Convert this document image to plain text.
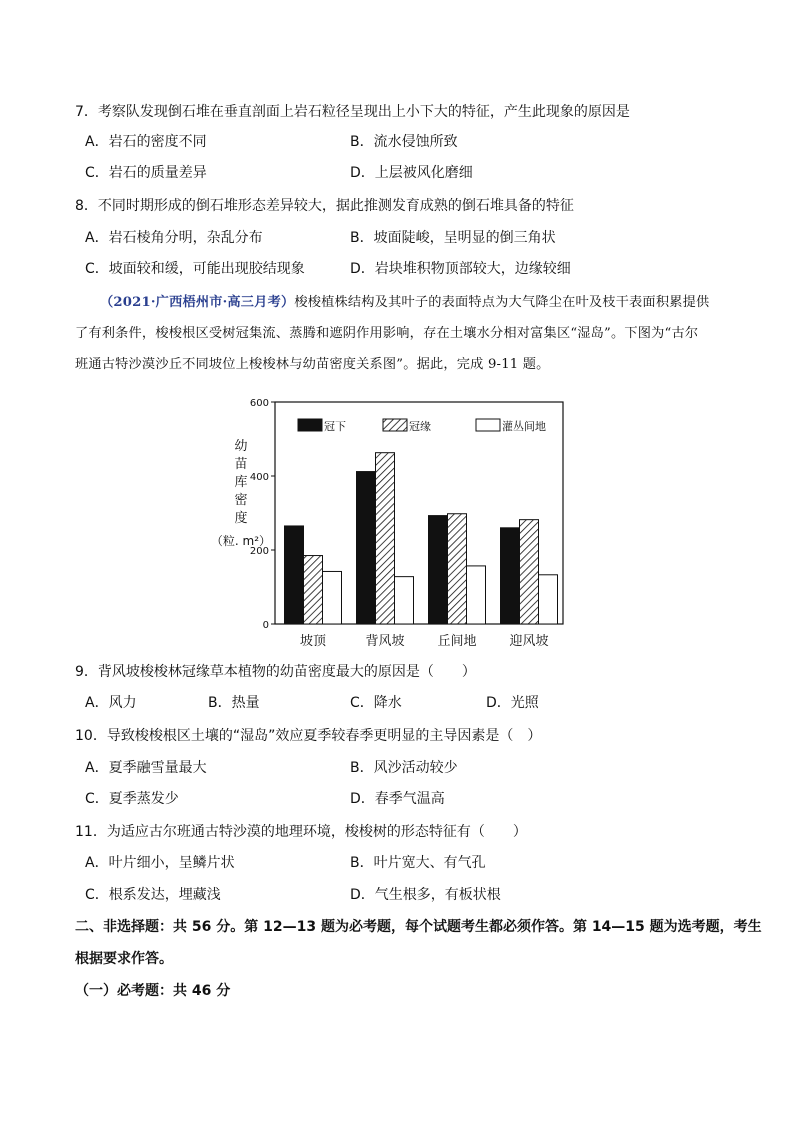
7．考察队发现倒石堆在垂直剖面上岩石粒径呈现出上小下大的特征，产生此现象的原因是
A．岩石的密度不同	B．流水侵蚀所致
C．岩石的质量差异	D．上层被风化磨细
8．不同时期形成的倒石堆形态差异较大，据此推测发育成熟的倒石堆具备的特征
A．岩石棱角分明，杂乱分布	B．坡面陡峻，呈明显的倒三角状
C．坡面较和缓，可能出现胶结现象	D．岩块堆积物顶部较大，边缘较细
（2021·广西梧州市·高三月考）梭梭植株结构及其叶子的表面特点为大气降尘在叶及枝干表面积累提供
了有利条件，梭梭根区受树冠集流、蒸腾和遮阴作用影响，存在土壤水分相对富集区“湿岛”。下图为“古尔
班通古特沙漠沙丘不同坡位上梭梭林与幼苗密度关系图”。据此，完成 9-11 题。
幼
苗
库
密
度
（粒. m²）
0
200
400
600
坡顶	背风坡	丘间地	迎风坡
冠下	冠缘	灌丛间地
9．背风坡梭梭林冠缘草本植物的幼苗密度最大的原因是（　　）
A．风力	B．热量	C．降水	D．光照
10．导致梭梭根区土壤的“湿岛”效应夏季较春季更明显的主导因素是（　）
A．夏季融雪量最大	B．风沙活动较少
C．夏季蒸发少	D．春季气温高
11．为适应古尔班通古特沙漠的地理环境，梭梭树的形态特征有（　　）
A．叶片细小，呈鳞片状	B．叶片宽大、有气孔
C．根系发达，埋藏浅	D．气生根多，有板状根
二、非选择题：共 56 分。第 12—13 题为必考题，每个试题考生都必须作答。第 14—15 题为选考题，考生
根据要求作答。
（一）必考题：共 46 分
